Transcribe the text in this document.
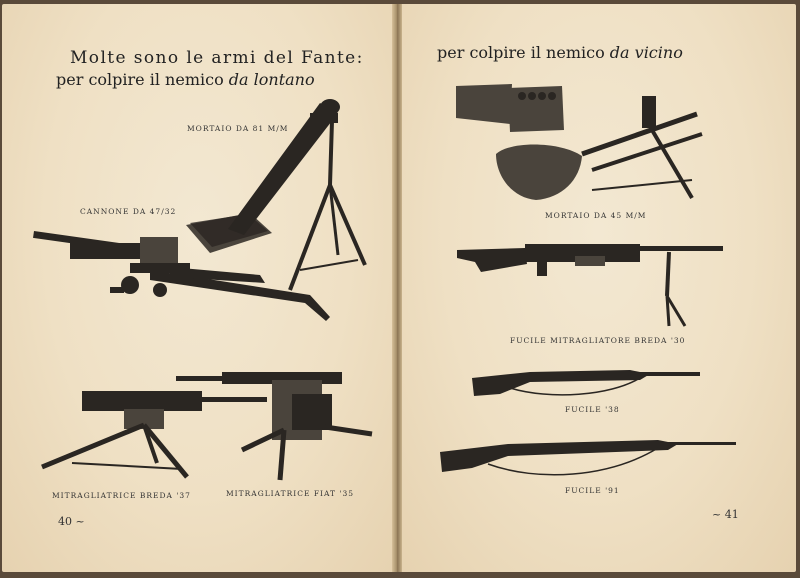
Molte sono le armi del Fante:
per colpire il nemico da lontano
MORTAIO DA 81 M/M
CANNONE DA 47/32
MITRAGLIATRICE BREDA '37	MITRAGLIATRICE FIAT '35
40 ~
per colpire il nemico da vicino
MORTAIO DA 45 M/M
FUCILE MITRAGLIATORE BREDA '30
FUCILE '38
FUCILE '91
~ 41
